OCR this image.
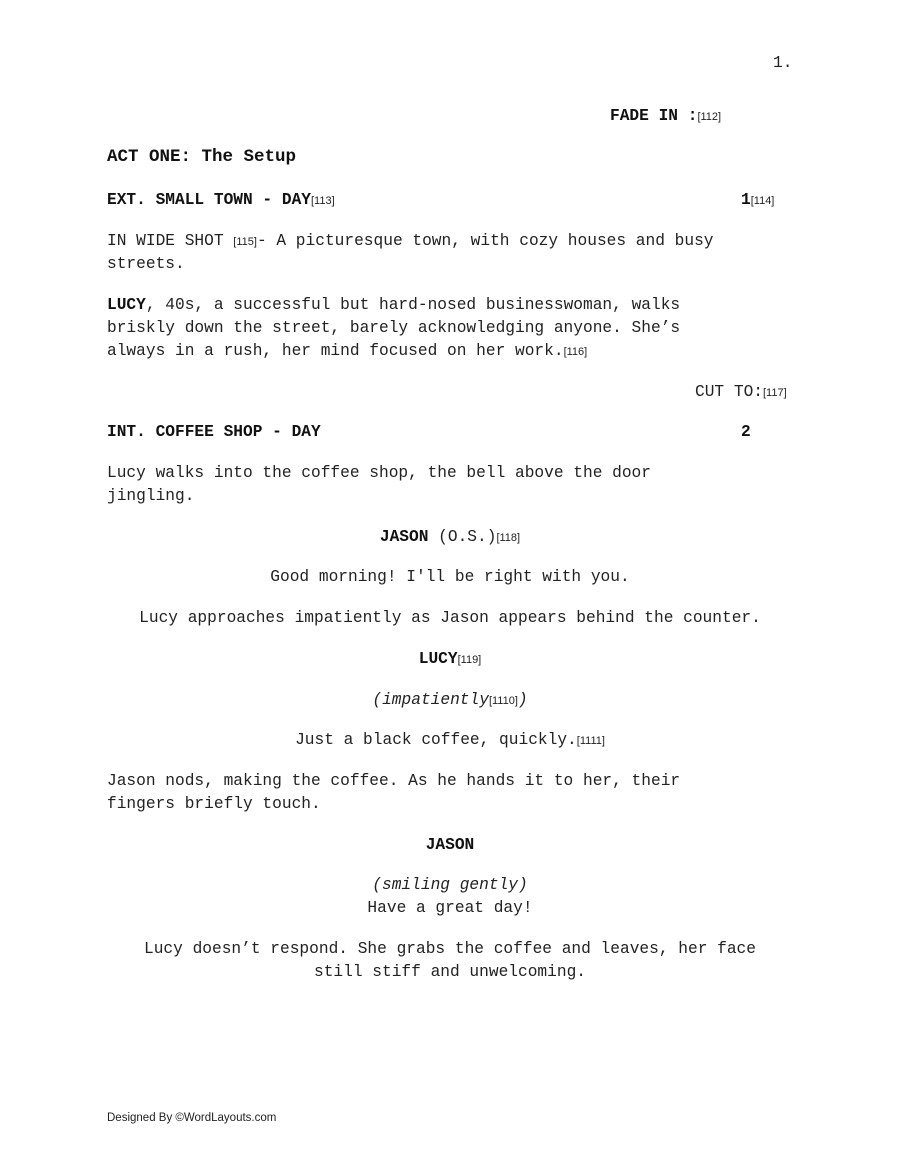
1.
FADE IN :[112]
ACT ONE: The Setup
EXT. SMALL TOWN - DAY[113]	1[114]
IN WIDE SHOT [115]- A picturesque town, with cozy houses and busy
streets.
LUCY, 40s, a successful but hard-nosed businesswoman, walks
briskly down the street, barely acknowledging anyone. She’s
always in a rush, her mind focused on her work.[116]
CUT TO:[117]
INT. COFFEE SHOP - DAY	2
Lucy walks into the coffee shop, the bell above the door
jingling.
JASON (O.S.)[118]
Good morning! I'll be right with you.
Lucy approaches impatiently as Jason appears behind the counter.
LUCY[119]
(impatiently[1110])
Just a black coffee, quickly.[1111]
Jason nods, making the coffee. As he hands it to her, their
fingers briefly touch.
JASON
(smiling gently)
Have a great day!
Lucy doesn’t respond. She grabs the coffee and leaves, her face
still stiff and unwelcoming.
Designed By ©WordLayouts.com
